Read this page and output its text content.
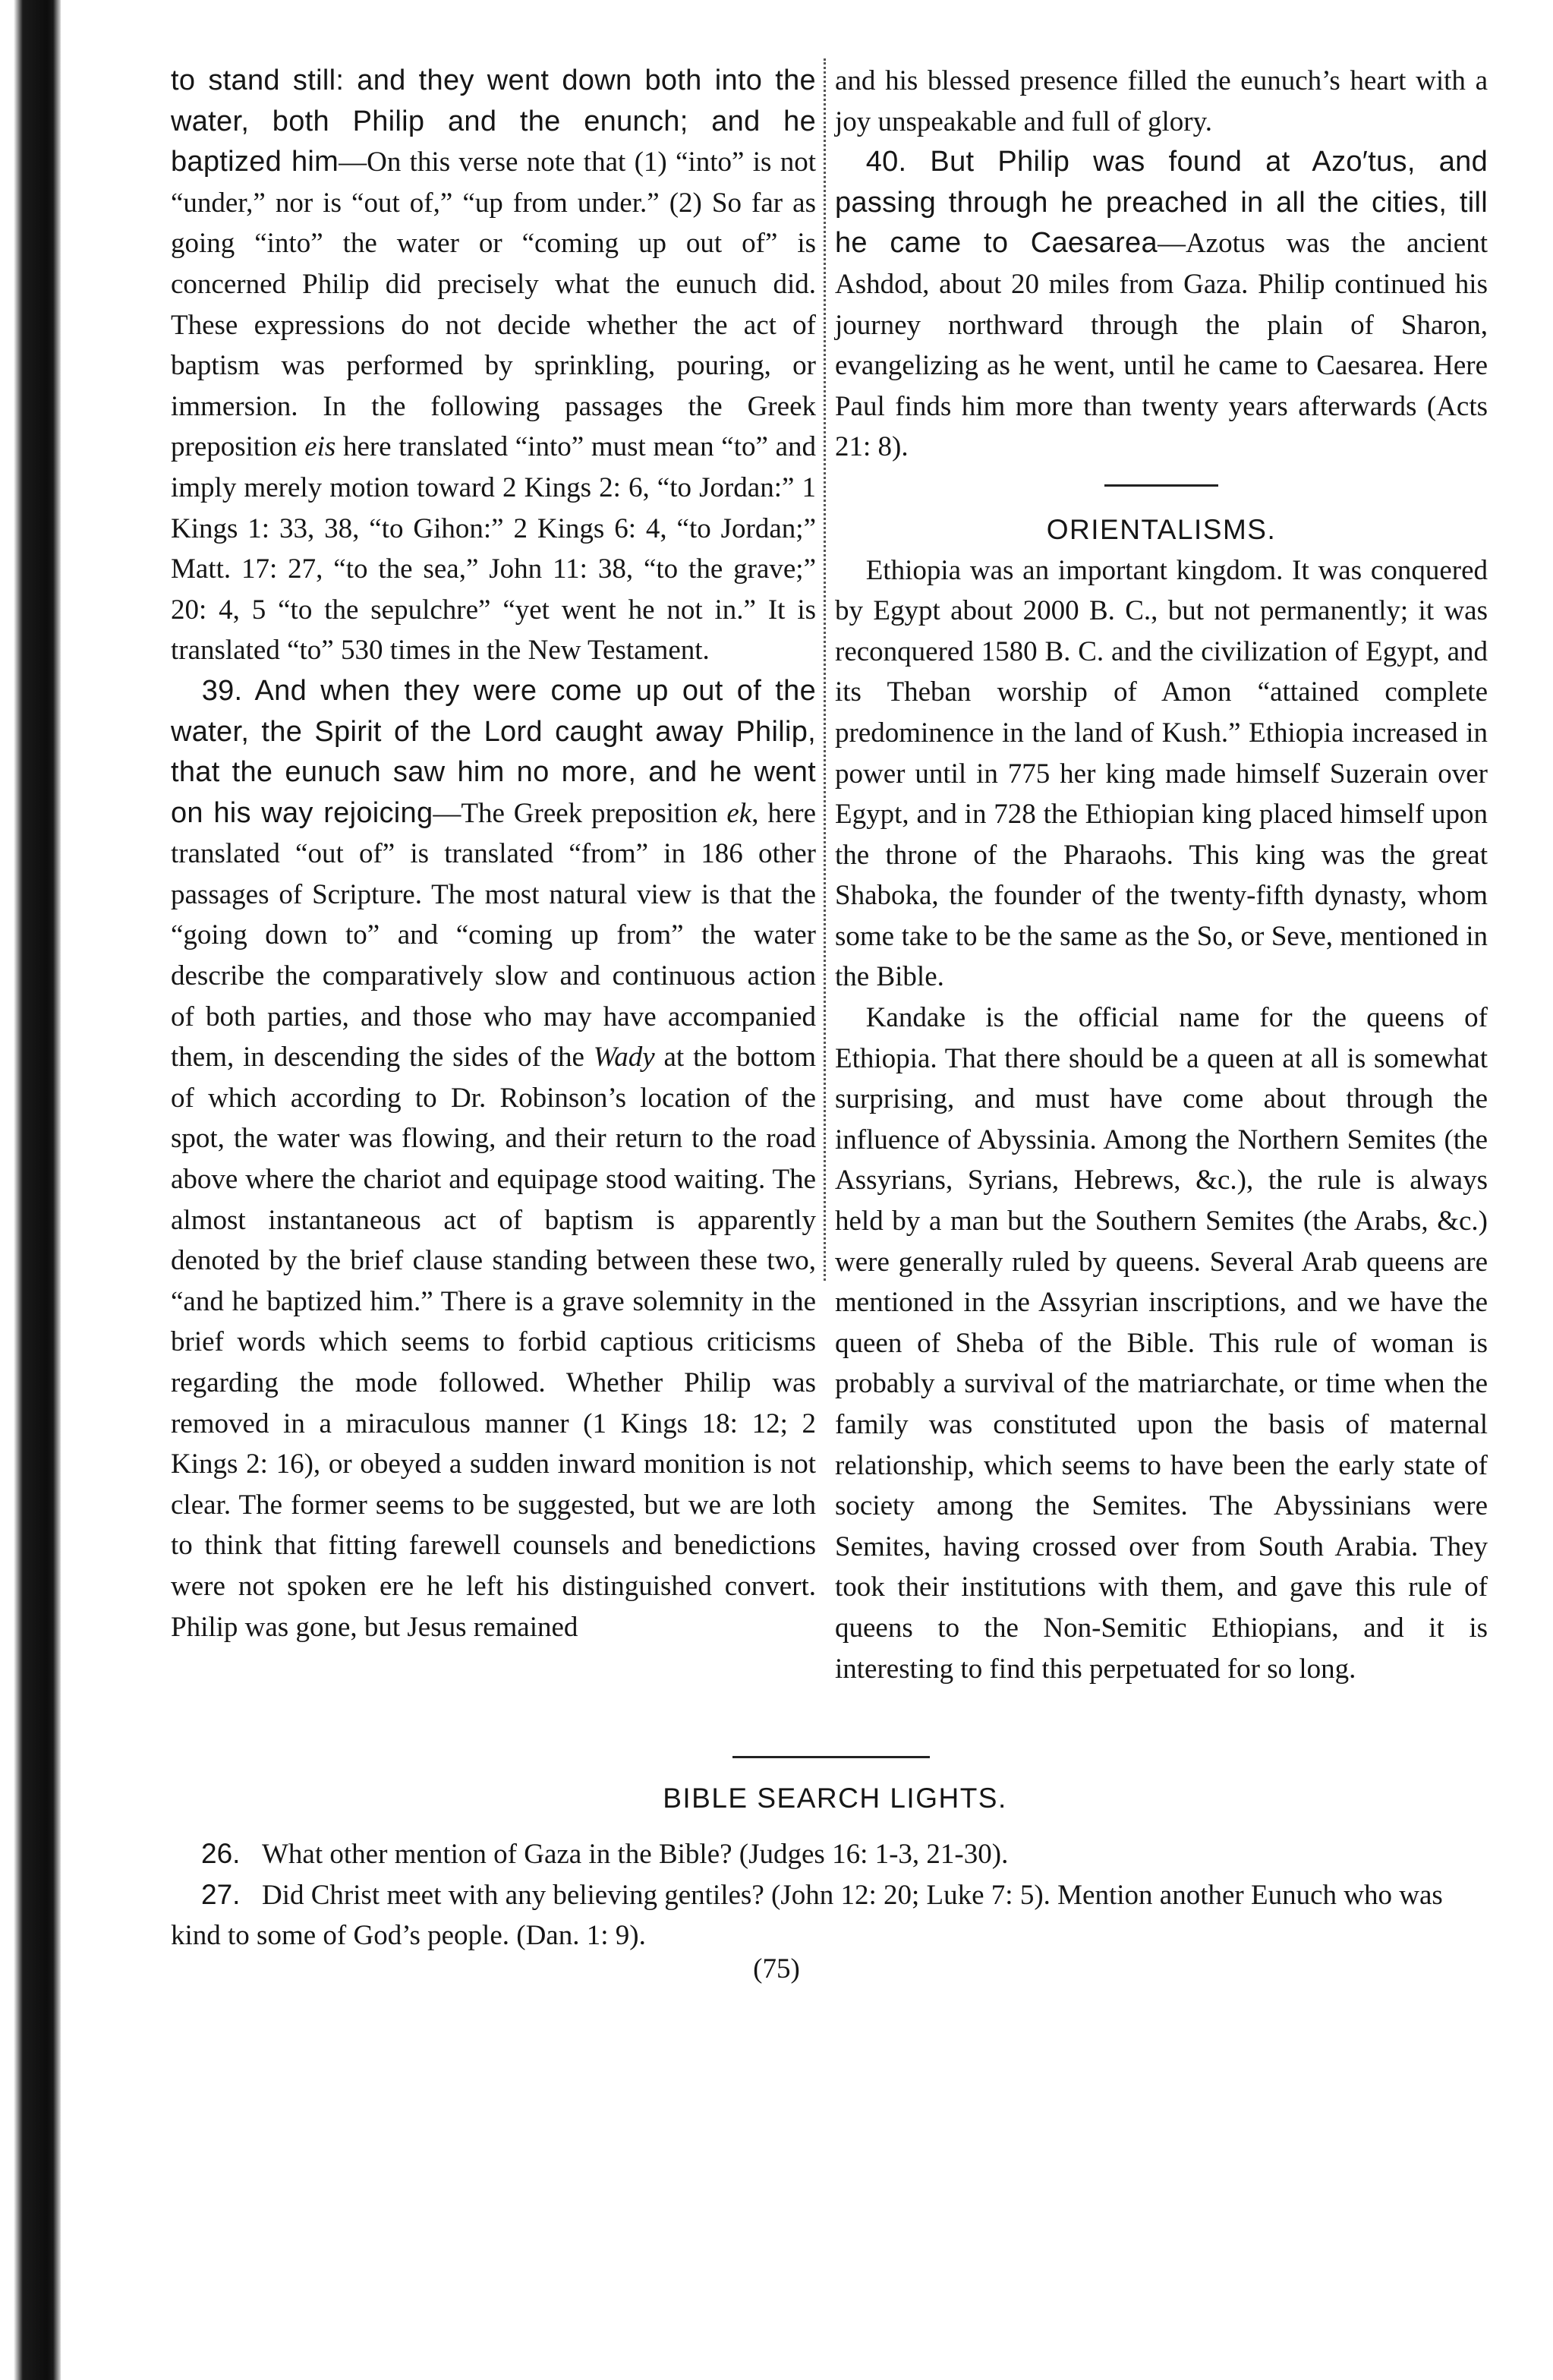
to stand still: and they went down both into the water, both Philip and the enunch; and he baptized him—On this verse note that (1) “into” is not “under,” nor is “out of,” “up from under.” (2) So far as going “into” the water or “coming up out of” is concerned Philip did precisely what the eunuch did. These expressions do not decide whether the act of baptism was performed by sprinkling, pouring, or immersion. In the following passages the Greek preposition eis here translated “into” must mean “to” and imply merely motion toward 2 Kings 2: 6, “to Jordan:” 1 Kings 1: 33, 38, “to Gihon:” 2 Kings 6: 4, “to Jordan;” Matt. 17: 27, “to the sea,” John 11: 38, “to the grave;” 20: 4, 5 “to the sepulchre” “yet went he not in.” It is translated “to” 530 times in the New Testament.

39. And when they were come up out of the water, the Spirit of the Lord caught away Philip, that the eunuch saw him no more, and he went on his way rejoicing—The Greek preposition ek, here translated “out of” is translated “from” in 186 other passages of Scripture. The most natural view is that the “going down to” and “coming up from” the water describe the comparatively slow and continuous action of both parties, and those who may have accompanied them, in descending the sides of the Wady at the bottom of which according to Dr. Robinson’s location of the spot, the water was flowing, and their return to the road above where the chariot and equipage stood waiting. The almost instantaneous act of baptism is apparently denoted by the brief clause standing between these two, “and he baptized him.” There is a grave solemnity in the brief words which seems to forbid captious criticisms regarding the mode followed. Whether Philip was removed in a miraculous manner (1 Kings 18: 12; 2 Kings 2: 16), or obeyed a sudden inward monition is not clear. The former seems to be suggested, but we are loth to think that fitting farewell counsels and benedictions were not spoken ere he left his distinguished convert. Philip was gone, but Jesus remained

and his blessed presence filled the eunuch’s heart with a joy unspeakable and full of glory.

40. But Philip was found at Azo′tus, and passing through he preached in all the cities, till he came to Caesarea—Azotus was the ancient Ashdod, about 20 miles from Gaza. Philip continued his journey northward through the plain of Sharon, evangelizing as he went, until he came to Caesarea. Here Paul finds him more than twenty years afterwards (Acts 21: 8).

ORIENTALISMS.

Ethiopia was an important kingdom. It was conquered by Egypt about 2000 B. C., but not permanently; it was reconquered 1580 B. C. and the civilization of Egypt, and its Theban worship of Amon “attained complete predominence in the land of Kush.” Ethiopia increased in power until in 775 her king made himself Suzerain over Egypt, and in 728 the Ethiopian king placed himself upon the throne of the Pharaohs. This king was the great Shaboka, the founder of the twenty-fifth dynasty, whom some take to be the same as the So, or Seve, mentioned in the Bible.

Kandake is the official name for the queens of Ethiopia. That there should be a queen at all is somewhat surprising, and must have come about through the influence of Abyssinia. Among the Northern Semites (the Assyrians, Syrians, Hebrews, &c.), the rule is always held by a man but the Southern Semites (the Arabs, &c.) were generally ruled by queens. Several Arab queens are mentioned in the Assyrian inscriptions, and we have the queen of Sheba of the Bible. This rule of woman is probably a survival of the matriarchate, or time when the family was constituted upon the basis of maternal relationship, which seems to have been the early state of society among the Semites. The Abyssinians were Semites, having crossed over from South Arabia. They took their institutions with them, and gave this rule of queens to the Non-Semitic Ethiopians, and it is interesting to find this perpetuated for so long.

BIBLE SEARCH LIGHTS.

26. What other mention of Gaza in the Bible? (Judges 16: 1-3, 21-30).

27. Did Christ meet with any believing gentiles? (John 12: 20; Luke 7: 5). Mention another Eunuch who was kind to some of God’s people. (Dan. 1: 9).

(75)
